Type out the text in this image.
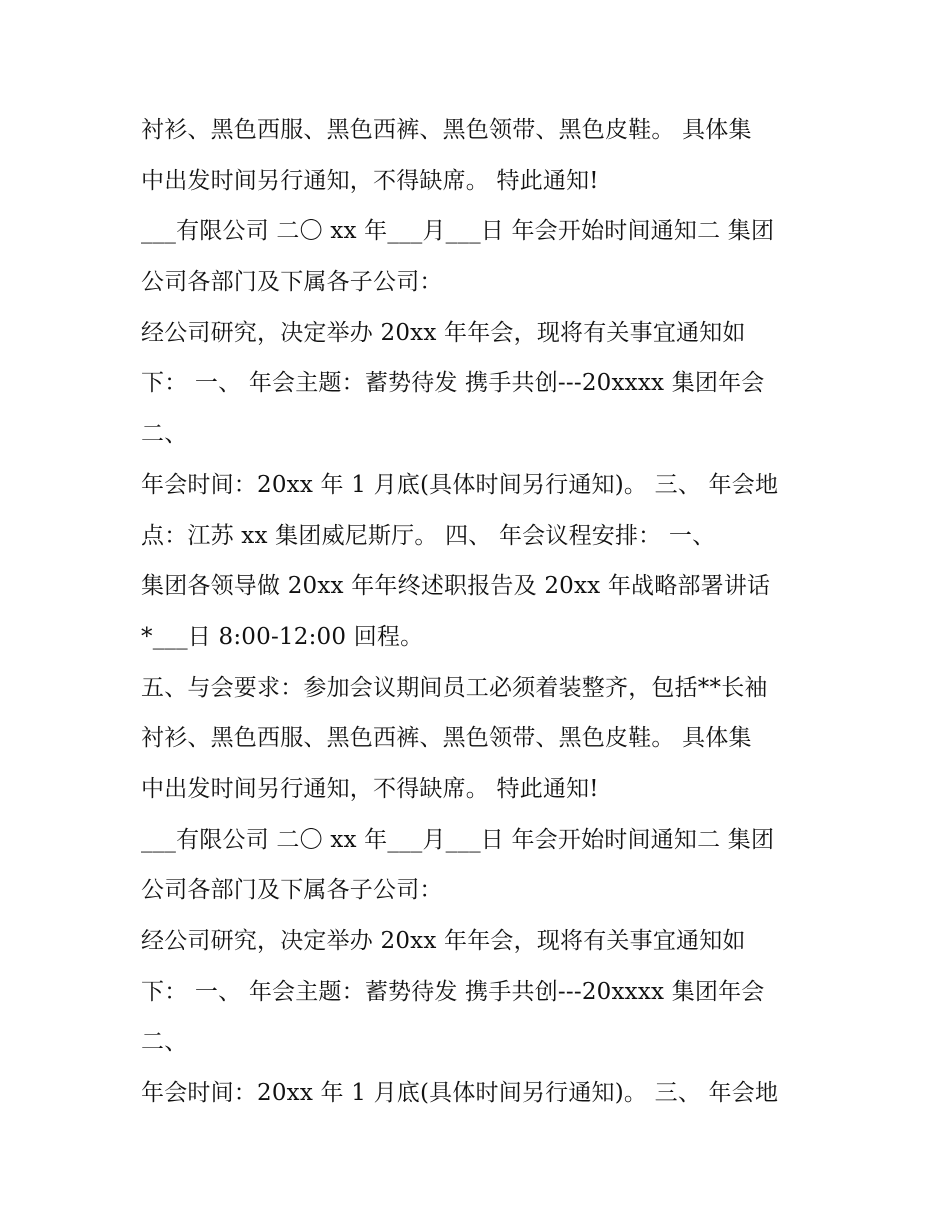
衬衫、黑色西服、黑色西裤、黑色领带、黑色皮鞋。 具体集
中出发时间另行通知，不得缺席。 特此通知!
___有限公司 二〇 xx 年___月___日 年会开始时间通知二 集团
公司各部门及下属各子公司：
经公司研究，决定举办 20xx 年年会，现将有关事宜通知如
下： 一、 年会主题：蓄势待发 携手共创---20xxxx 集团年会
二、
年会时间：20xx 年 1 月底(具体时间另行通知)。 三、 年会地
点：江苏 xx 集团威尼斯厅。 四、 年会议程安排： 一、
集团各领导做 20xx 年年终述职报告及 20xx 年战略部署讲话
*___日 8:00-12:00 回程。
五、与会要求：参加会议期间员工必须着装整齐，包括**长袖
衬衫、黑色西服、黑色西裤、黑色领带、黑色皮鞋。 具体集
中出发时间另行通知，不得缺席。 特此通知!
___有限公司 二〇 xx 年___月___日 年会开始时间通知二 集团
公司各部门及下属各子公司：
经公司研究，决定举办 20xx 年年会，现将有关事宜通知如
下： 一、 年会主题：蓄势待发 携手共创---20xxxx 集团年会
二、
年会时间：20xx 年 1 月底(具体时间另行通知)。 三、 年会地
